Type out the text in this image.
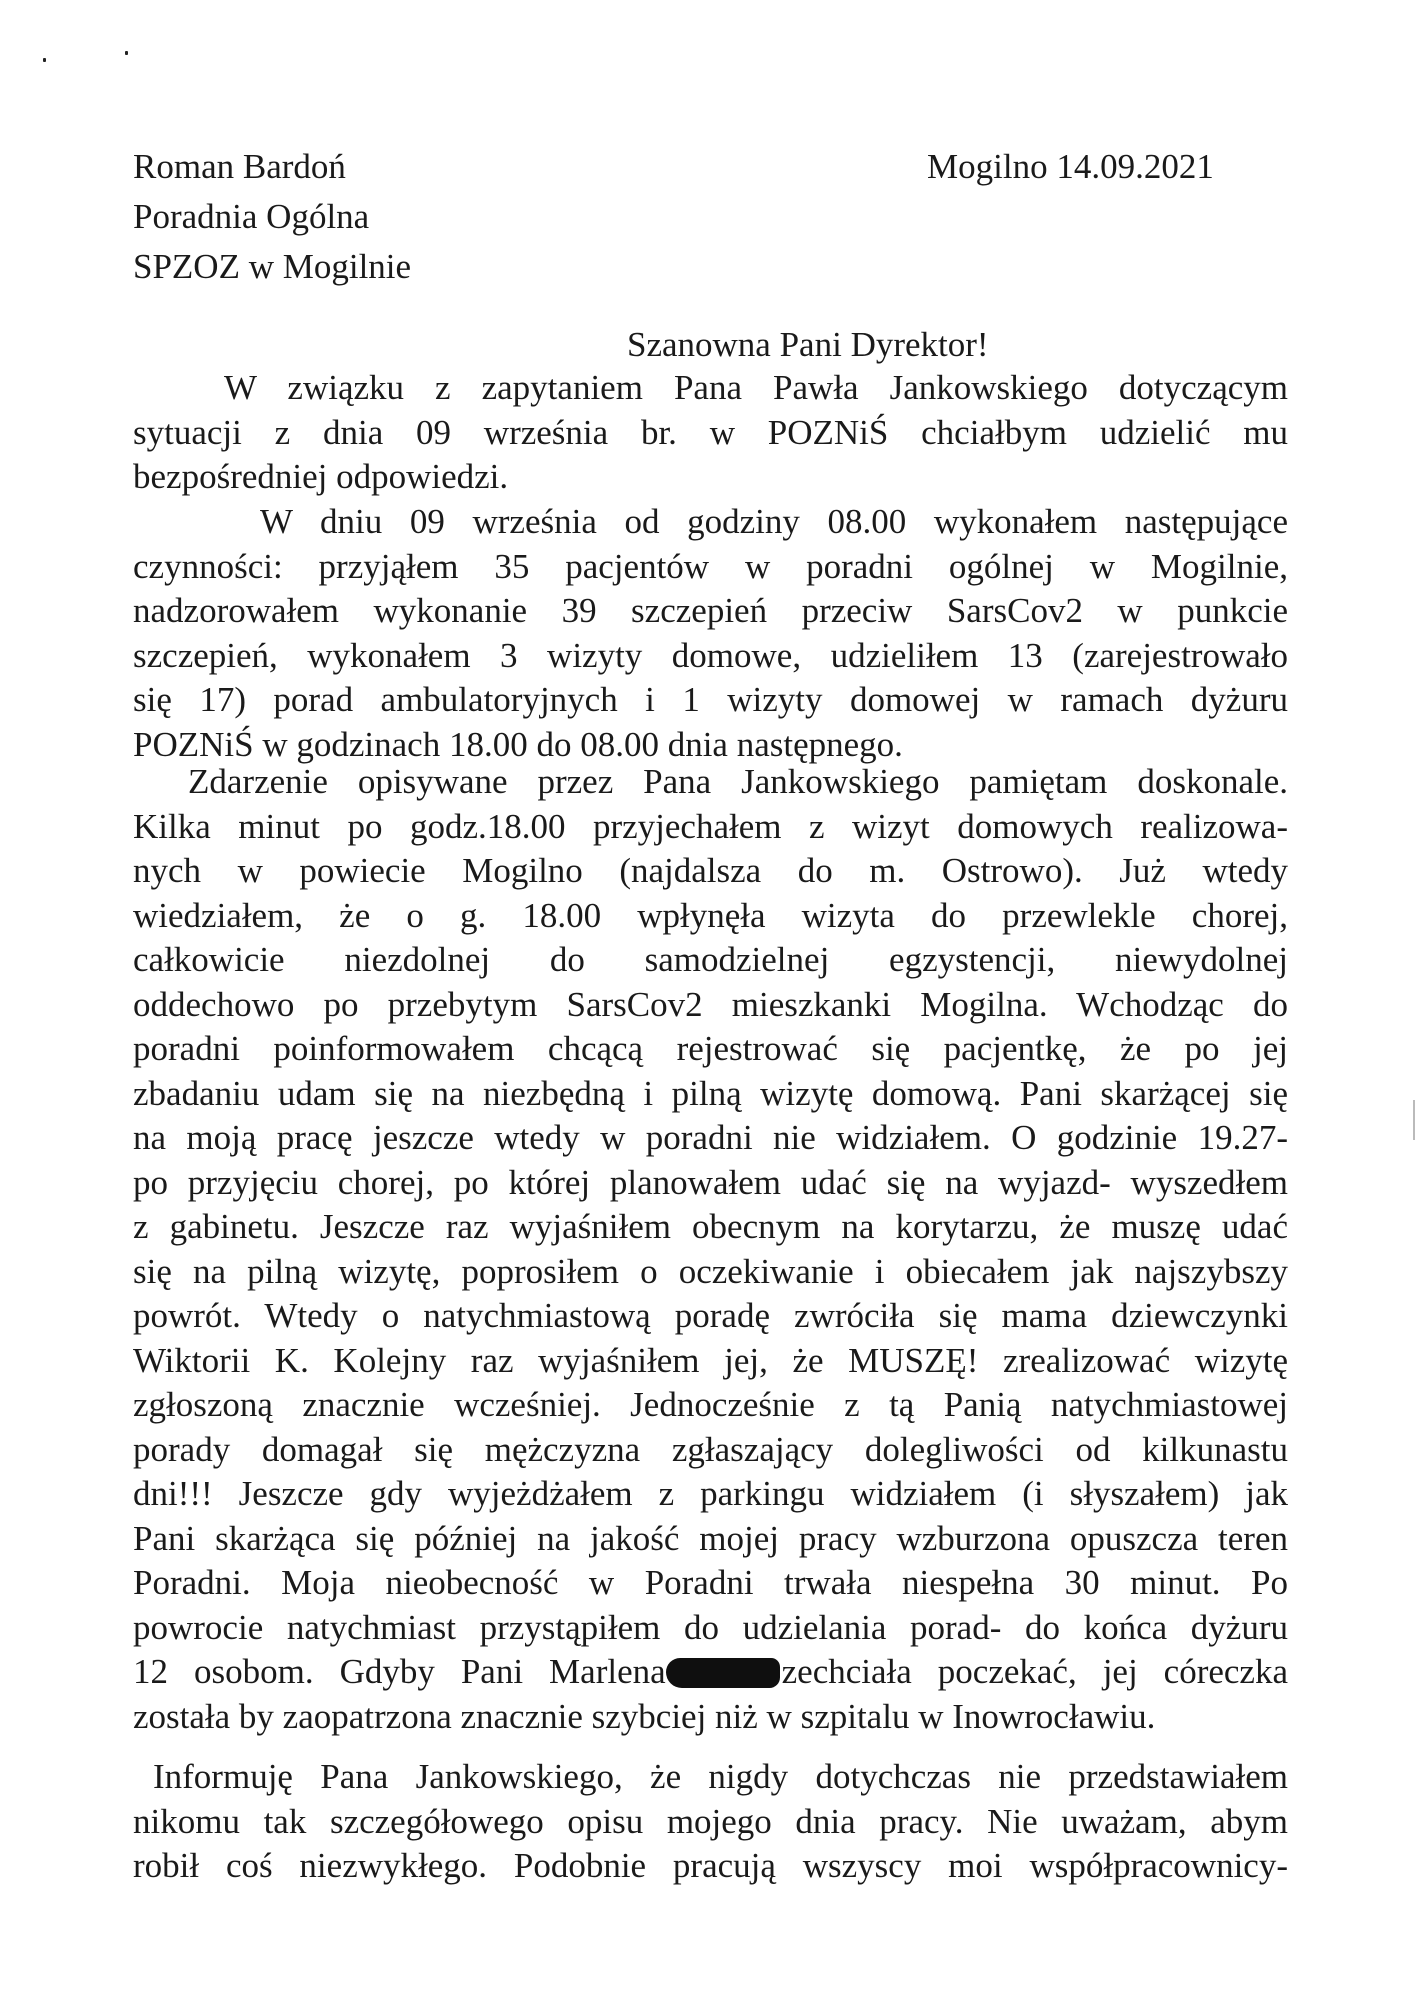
Roman Bardoń
Poradnia Ogólna
SPZOZ w Mogilnie
Mogilno 14.09.2021
Szanowna Pani Dyrektor!
W związku z zapytaniem Pana Pawła Jankowskiego dotyczącym
sytuacji z dnia 09 września br. w POZNiŚ chciałbym udzielić mu
bezpośredniej odpowiedzi.
W dniu 09 września od godziny 08.00 wykonałem następujące
czynności: przyjąłem 35 pacjentów w poradni ogólnej w Mogilnie,
nadzorowałem wykonanie 39 szczepień przeciw SarsCov2 w punkcie
szczepień, wykonałem 3 wizyty domowe, udzieliłem 13 (zarejestrowało
się 17) porad ambulatoryjnych i 1 wizyty domowej w ramach dyżuru
POZNiŚ w godzinach 18.00 do 08.00 dnia następnego.
Zdarzenie opisywane przez Pana Jankowskiego pamiętam doskonale.
Kilka minut po godz.18.00 przyjechałem z wizyt domowych realizowa-
nych w powiecie Mogilno (najdalsza do m. Ostrowo). Już wtedy
wiedziałem, że o g. 18.00 wpłynęła wizyta do przewlekle chorej,
całkowicie niezdolnej do samodzielnej egzystencji, niewydolnej
oddechowo po przebytym SarsCov2 mieszkanki Mogilna. Wchodząc do
poradni poinformowałem chcącą rejestrować się pacjentkę, że po jej
zbadaniu udam się na niezbędną i pilną wizytę domową. Pani skarżącej się
na moją pracę jeszcze wtedy w poradni nie widziałem. O godzinie 19.27-
po przyjęciu chorej, po której planowałem udać się na wyjazd- wyszedłem
z gabinetu. Jeszcze raz wyjaśniłem obecnym na korytarzu, że muszę udać
się na pilną wizytę, poprosiłem o oczekiwanie i obiecałem jak najszybszy
powrót. Wtedy o natychmiastową poradę zwróciła się mama dziewczynki
Wiktorii K. Kolejny raz wyjaśniłem jej, że MUSZĘ! zrealizować wizytę
zgłoszoną znacznie wcześniej. Jednocześnie z tą Panią natychmiastowej
porady domagał się mężczyzna zgłaszający dolegliwości od kilkunastu
dni!!! Jeszcze gdy wyjeżdżałem z parkingu widziałem (i słyszałem) jak
Pani skarżąca się później na jakość mojej pracy wzburzona opuszcza teren
Poradni. Moja nieobecność w Poradni trwała niespełna 30 minut. Po
powrocie natychmiast przystąpiłem do udzielania porad- do końca dyżuru
12 osobom. Gdyby Pani Marlena	zechciała poczekać, jej córeczka
została by zaopatrzona znacznie szybciej niż w szpitalu w Inowrocławiu.
Informuję Pana Jankowskiego, że nigdy dotychczas nie przedstawiałem
nikomu tak szczegółowego opisu mojego dnia pracy. Nie uważam, abym
robił coś niezwykłego. Podobnie pracują wszyscy moi współpracownicy-
